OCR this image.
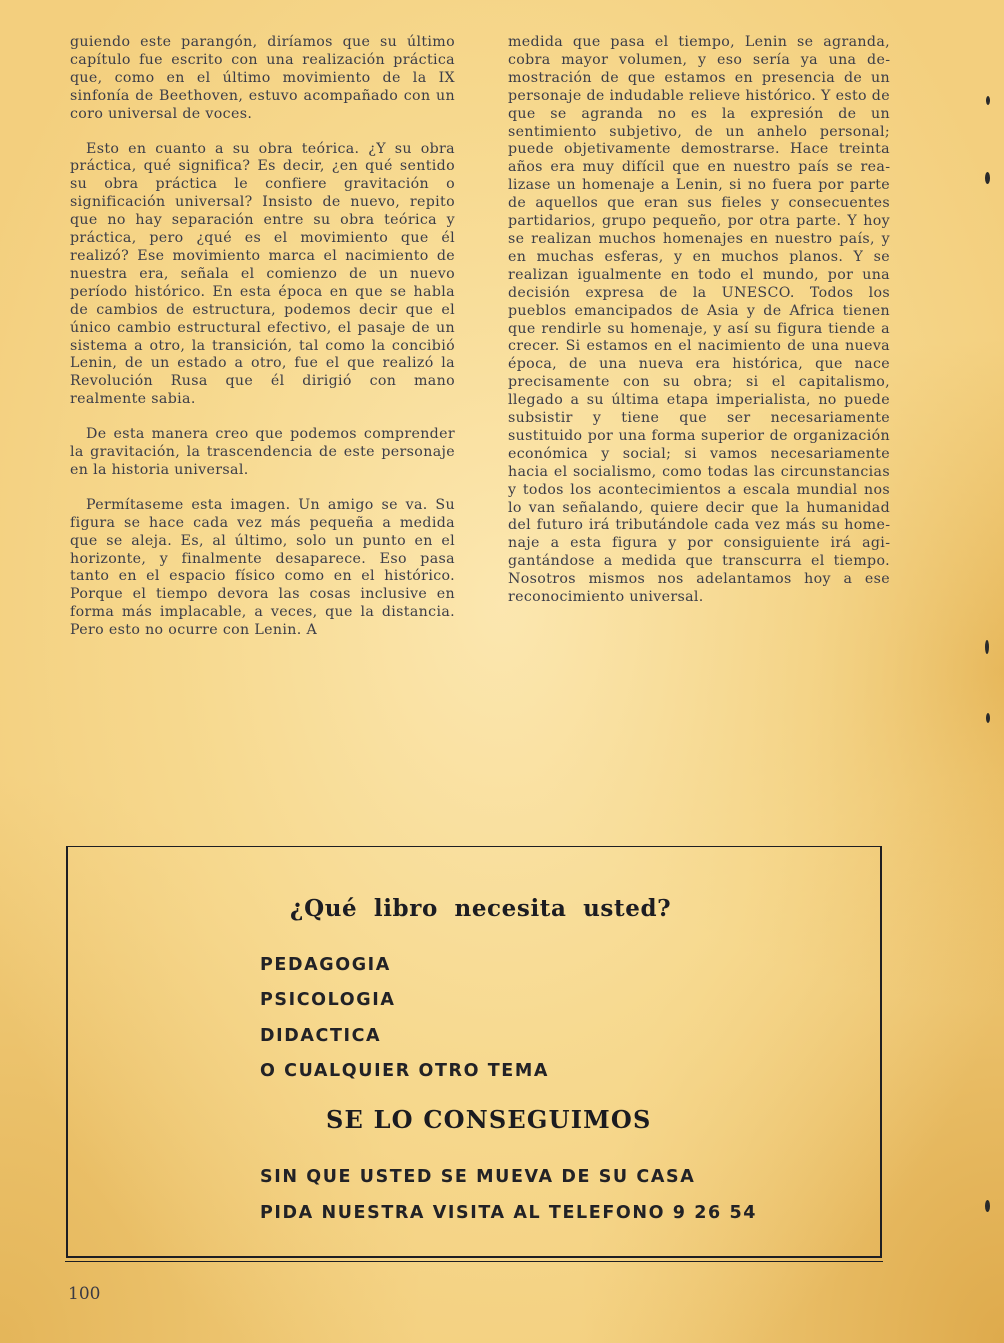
guiendo este parangón, diríamos que su último capítulo fue escrito con una realización práctica que, como en el último movimiento de la IX sinfonía de Beethoven, estuvo acompañado con un coro universal de voces.

Esto en cuanto a su obra teórica. ¿Y su obra práctica, qué significa? Es decir, ¿en qué sentido su obra práctica le confiere gravitación o significación universal? Insisto de nuevo, repito que no hay separación entre su obra teórica y práctica, pero ¿qué es el movimiento que él realizó? Ese movimiento marca el nacimiento de nuestra era, señala el comienzo de un nuevo período histórico. En esta época en que se habla de cambios de estructura, podemos decir que el único cambio estructural efectivo, el pasaje de un sistema a otro, la transición, tal como la concibió Lenin, de un estado a otro, fue el que realizó la Revolución Rusa que él dirigió con mano realmente sabia.

De esta manera creo que podemos comprender la gravitación, la trascendencia de este personaje en la historia universal.

Permítaseme esta imagen. Un amigo se va. Su figura se hace cada vez más pequeña a medida que se aleja. Es, al último, solo un punto en el horizonte, y finalmente desaparece. Eso pasa tanto en el espacio físico como en el histórico. Porque el tiempo devora las cosas inclusive en forma más implacable, a veces, que la distancia. Pero esto no ocurre con Lenin. A

medida que pasa el tiempo, Lenin se agranda, cobra mayor volumen, y eso sería ya una demostración de que estamos en presencia de un personaje de indudable relieve histórico. Y esto de que se agranda no es la expresión de un sentimiento subjetivo, de un anhelo personal; puede objetivamente demostrarse. Hace treinta años era muy difícil que en nuestro país se realizase un homenaje a Lenin, si no fuera por parte de aquellos que eran sus fieles y consecuentes partidarios, grupo pequeño, por otra parte. Y hoy se realizan muchos homenajes en nuestro país, y en muchas esferas, y en muchos planos. Y se realizan igualmente en todo el mundo, por una decisión expresa de la UNESCO. Todos los pueblos emancipados de Asia y de Africa tienen que rendirle su homenaje, y así su figura tiende a crecer. Si estamos en el nacimiento de una nueva época, de una nueva era histórica, que nace precisamente con su obra; si el capitalismo, llegado a su última etapa imperialista, no puede subsistir y tiene que ser necesariamente sustituido por una forma superior de organización económica y social; si vamos necesariamente hacia el socialismo, como todas las circunstancias y todos los acontecimientos a escala mundial nos lo van señalando, quiere decir que la humanidad del futuro irá tributándole cada vez más su homenaje a esta figura y por consiguiente irá agigantándose a medida que transcurra el tiempo. Nosotros mismos nos adelantamos hoy a ese reconocimiento universal.

¿Qué libro necesita usted?
PEDAGOGIA
PSICOLOGIA
DIDACTICA
O CUALQUIER OTRO TEMA
SE LO CONSEGUIMOS
SIN QUE USTED SE MUEVA DE SU CASA
PIDA NUESTRA VISITA AL TELEFONO 9 26 54
100
